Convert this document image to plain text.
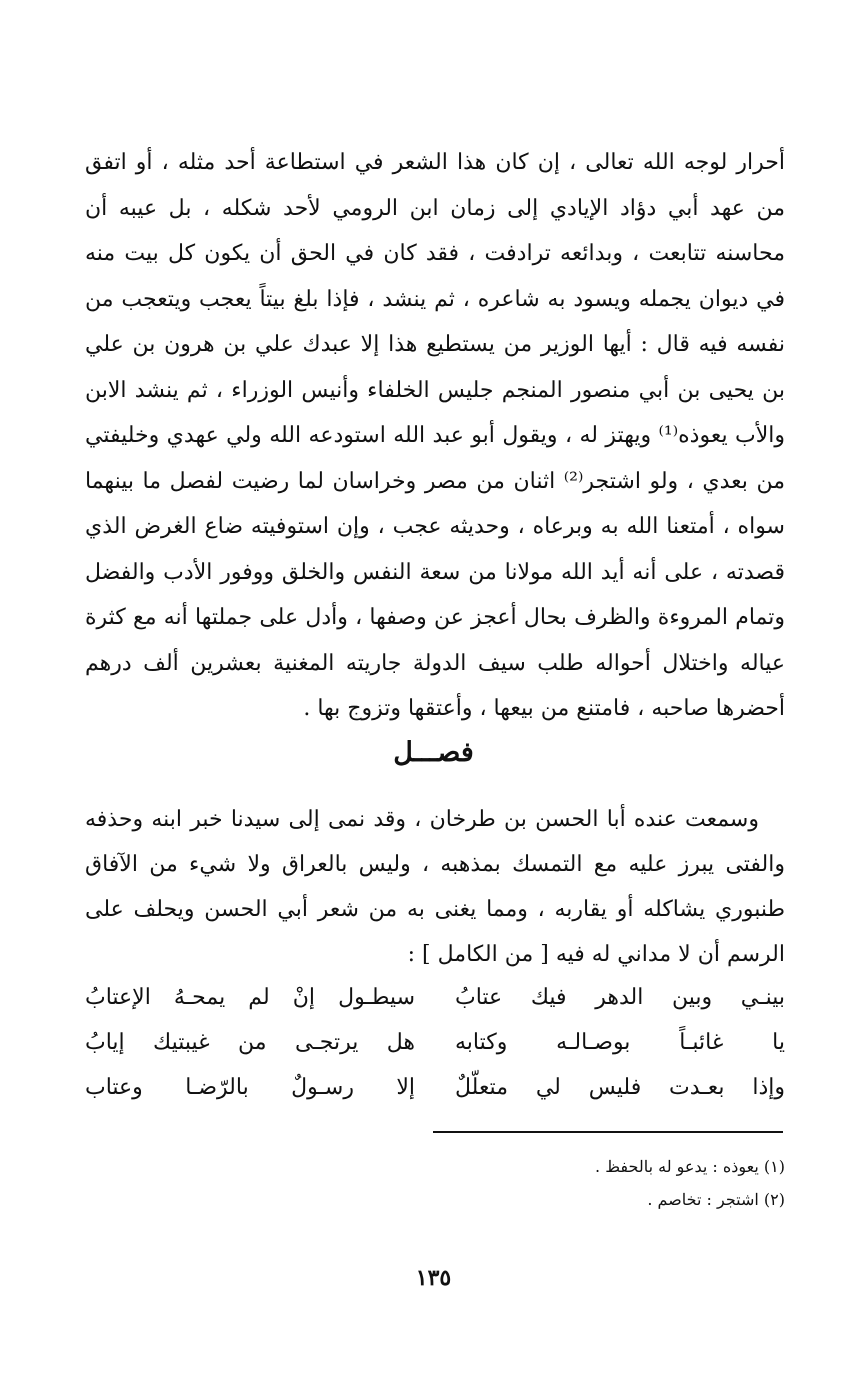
أحرار لوجه الله تعالى ، إن كان هذا الشعر في استطاعة أحد مثله ، أو اتفق من عهد أبي دؤاد الإيادي إلى زمان ابن الرومي لأحد شكله ، بل عيبه أن محاسنه تتابعت ، وبدائعه ترادفت ، فقد كان في الحق أن يكون كل بيت منه في ديوان يجمله ويسود به شاعره ، ثم ينشد ، فإذا بلغ بيتاً يعجب ويتعجب من نفسه فيه قال : أيها الوزير من يستطيع هذا إلا عبدك علي بن هرون بن علي بن يحيى بن أبي منصور المنجم جليس الخلفاء وأنيس الوزراء ، ثم ينشد الابن والأب يعوذه⁽¹⁾ ويهتز له ، ويقول أبو عبد الله استودعه الله ولي عهدي وخليفتي من بعدي ، ولو اشتجر⁽²⁾ اثنان من مصر وخراسان لما رضيت لفصل ما بينهما سواه ، أمتعنا الله به وبرعاه ، وحديثه عجب ، وإن استوفيته ضاع الغرض الذي قصدته ، على أنه أيد الله مولانا من سعة النفس والخلق ووفور الأدب والفضل وتمام المروءة والظرف بحال أعجز عن وصفها ، وأدل على جملتها أنه مع كثرة عياله واختلال أحواله طلب سيف الدولة جاريته المغنية بعشرين ألف درهم أحضرها صاحبه ، فامتنع من بيعها ، وأعتقها وتزوج بها .

فصـــل

وسمعت عنده أبا الحسن بن طرخان ، وقد نمى إلى سيدنا خبر ابنه وحذفه والفتى يبرز عليه مع التمسك بمذهبه ، وليس بالعراق ولا شيء من الآفاق طنبوري يشاكله أو يقاربه ، ومما يغنى به من شعر أبي الحسن ويحلف على الرسم أن لا مداني له فيه [ من الكامل ] :

بينـي وبين الدهر فيك عتابُ
سيطـول إنْ لم يمحـهُ الإعتابُ
يا غائبـاً بوصـالـه وكتابه
هل يرتجـى من غيبتيك إيابُ
وإذا بعـدت فليس لي متعلّلٌ
إلا رسـولٌ بالرّضـا وعتاب

(١) يعوذه : يدعو له بالحفظ .

(٢) اشتجر : تخاصم .

١٣٥
